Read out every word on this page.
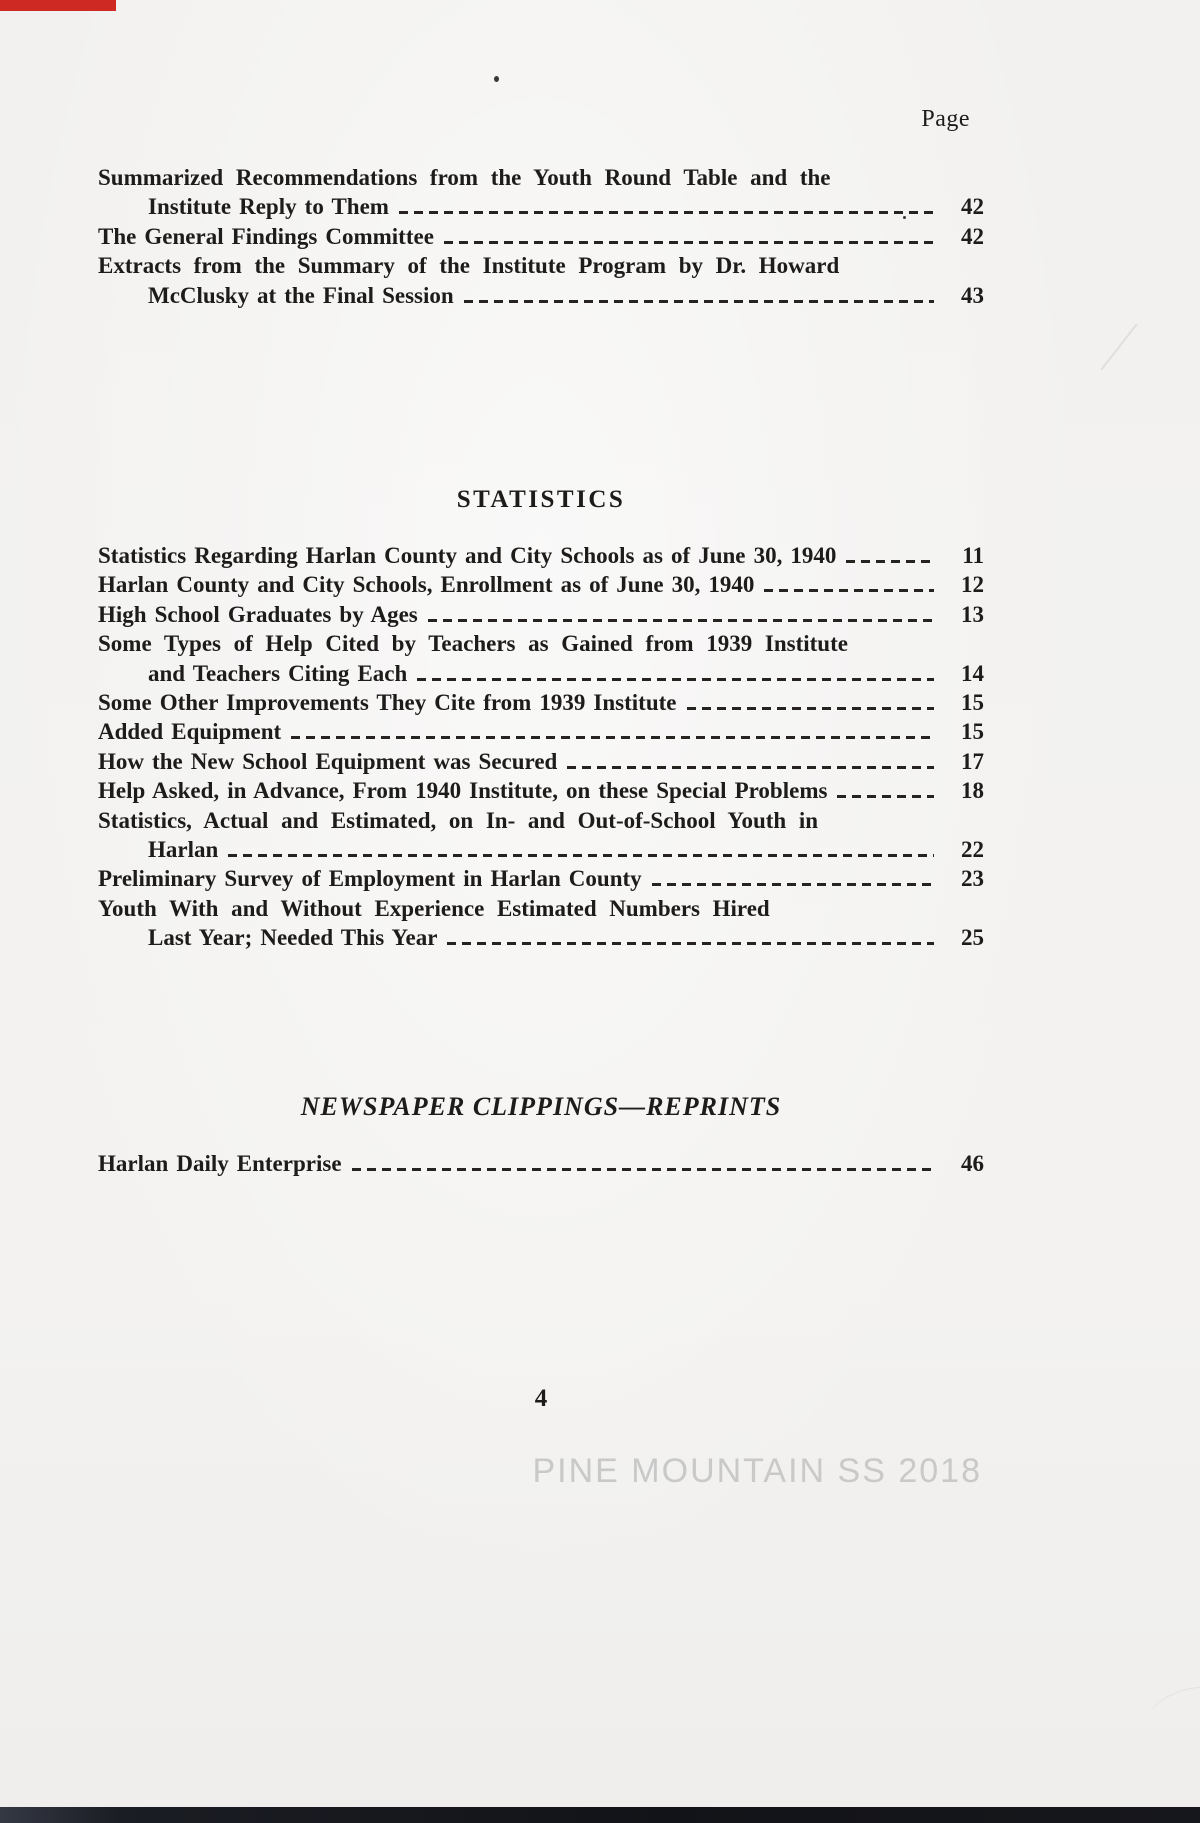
Page
Summarized Recommendations from the Youth Round Table and the
Institute Reply to Them	42
The General Findings Committee	42
Extracts from the Summary of the Institute Program by Dr. Howard
McClusky at the Final Session	43
STATISTICS
Statistics Regarding Harlan County and City Schools as of June 30, 1940	11
Harlan County and City Schools, Enrollment as of June 30, 1940	12
High School Graduates by Ages	13
Some Types of Help Cited by Teachers as Gained from 1939 Institute
and Teachers Citing Each	14
Some Other Improvements They Cite from 1939 Institute	15
Added Equipment	15
How the New School Equipment was Secured	17
Help Asked, in Advance, From 1940 Institute, on these Special Problems	18
Statistics, Actual and Estimated, on In- and Out-of-School Youth in
Harlan	22
Preliminary Survey of Employment in Harlan County	23
Youth With and Without Experience Estimated Numbers Hired
Last Year; Needed This Year	25
NEWSPAPER CLIPPINGS—REPRINTS
Harlan Daily Enterprise	46
4
PINE MOUNTAIN SS 2018
